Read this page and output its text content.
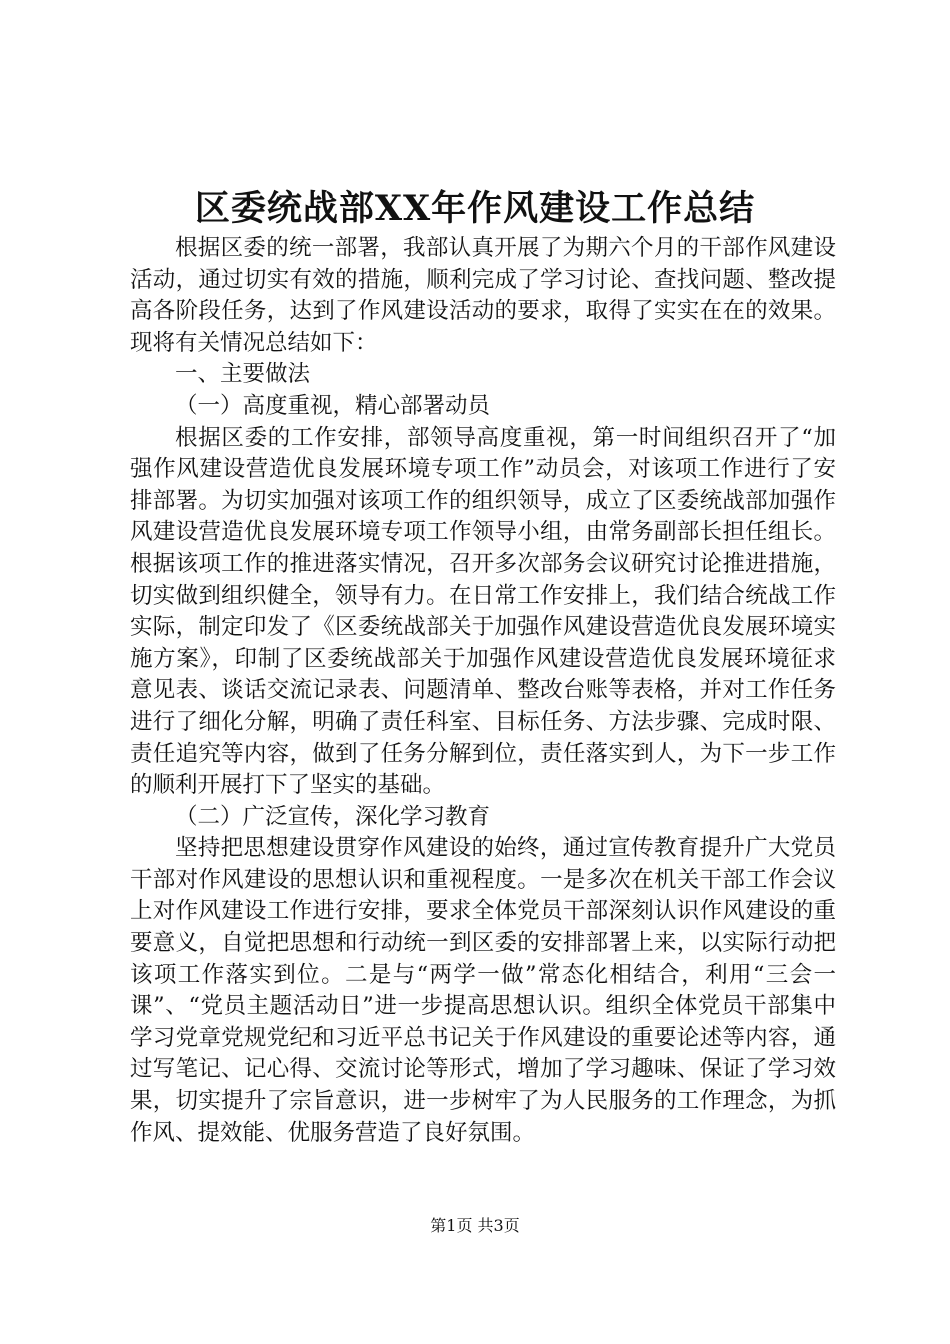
区委统战部XX年作风建设工作总结

根据区委的统一部署，我部认真开展了为期六个月的干部作风建设活动，通过切实有效的措施，顺利完成了学习讨论、查找问题、整改提高各阶段任务，达到了作风建设活动的要求，取得了实实在在的效果。现将有关情况总结如下：

一、主要做法

（一）高度重视，精心部署动员

根据区委的工作安排，部领导高度重视，第一时间组织召开了“加强作风建设营造优良发展环境专项工作”动员会，对该项工作进行了安排部署。为切实加强对该项工作的组织领导，成立了区委统战部加强作风建设营造优良发展环境专项工作领导小组，由常务副部长担任组长。根据该项工作的推进落实情况，召开多次部务会议研究讨论推进措施，切实做到组织健全，领导有力。在日常工作安排上，我们结合统战工作实际，制定印发了《区委统战部关于加强作风建设营造优良发展环境实施方案》，印制了区委统战部关于加强作风建设营造优良发展环境征求意见表、谈话交流记录表、问题清单、整改台账等表格，并对工作任务进行了细化分解，明确了责任科室、目标任务、方法步骤、完成时限、责任追究等内容，做到了任务分解到位，责任落实到人，为下一步工作的顺利开展打下了坚实的基础。

（二）广泛宣传，深化学习教育

坚持把思想建设贯穿作风建设的始终，通过宣传教育提升广大党员干部对作风建设的思想认识和重视程度。一是多次在机关干部工作会议上对作风建设工作进行安排，要求全体党员干部深刻认识作风建设的重要意义，自觉把思想和行动统一到区委的安排部署上来，以实际行动把该项工作落实到位。二是与“两学一做”常态化相结合，利用“三会一课”、“党员主题活动日”进一步提高思想认识。组织全体党员干部集中学习党章党规党纪和习近平总书记关于作风建设的重要论述等内容，通过写笔记、记心得、交流讨论等形式，增加了学习趣味、保证了学习效果，切实提升了宗旨意识，进一步树牢了为人民服务的工作理念，为抓作风、提效能、优服务营造了良好氛围。

第1页 共3页
